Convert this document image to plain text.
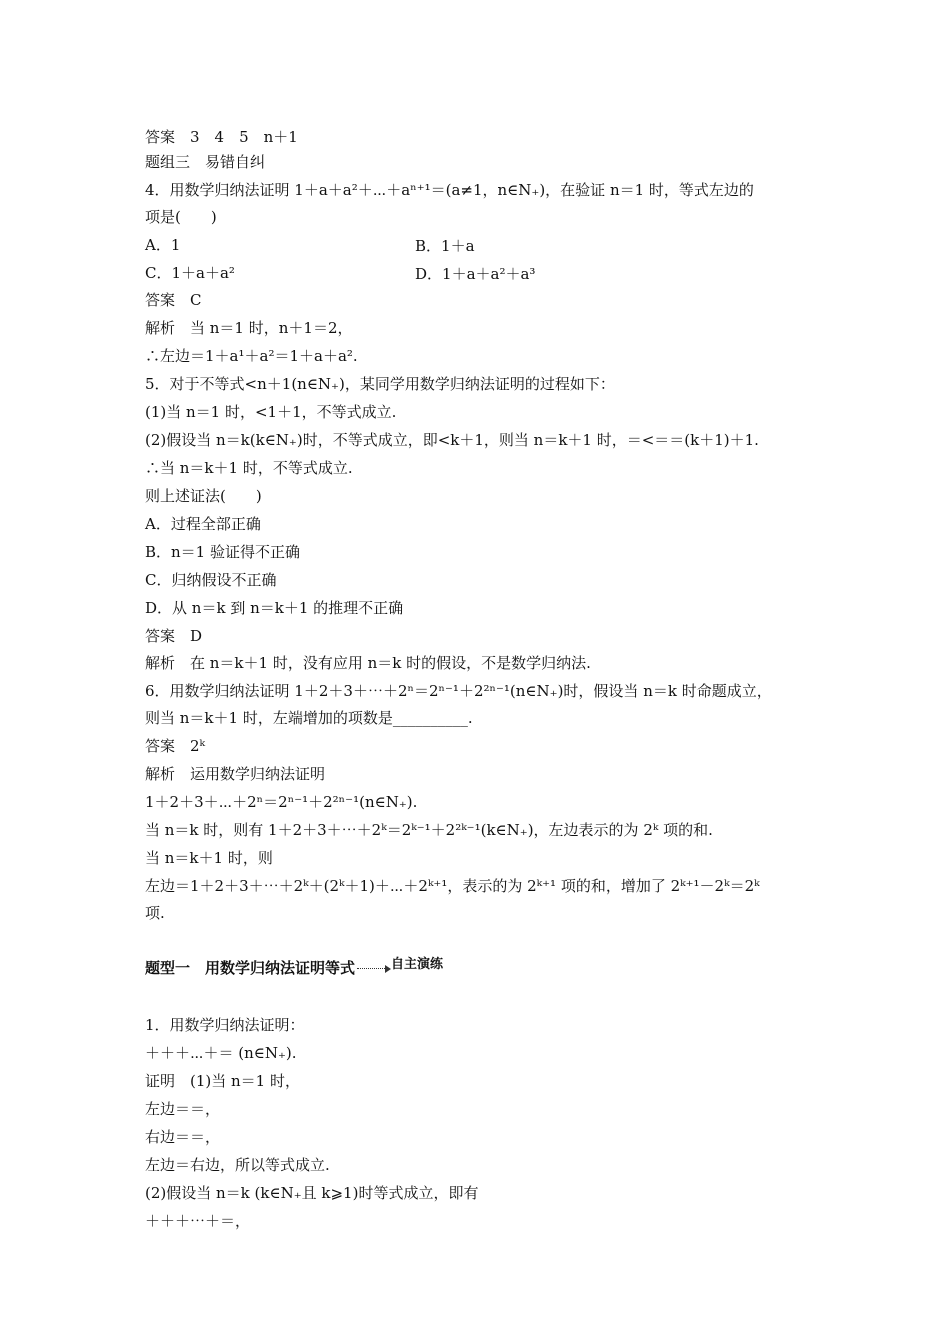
答案　3　4　5　n＋1
题组三　易错自纠
4．用数学归纳法证明 1＋a＋a²＋⋯＋aⁿ⁺¹＝(a≠1，n∈N₊)，在验证 n＝1 时，等式左边的
项是(　　)
答案　C
解析　当 n＝1 时，n＋1＝2，
∴左边＝1＋a¹＋a²＝1＋a＋a².
5．对于不等式<n＋1(n∈N₊)，某同学用数学归纳法证明的过程如下：
(1)当 n＝1 时，<1＋1，不等式成立.
(2)假设当 n＝k(k∈N₊)时，不等式成立，即<k＋1，则当 n＝k＋1 时，＝<＝＝(k＋1)＋1.
∴当 n＝k＋1 时，不等式成立.
则上述证法(　　)
A．过程全部正确
B．n＝1 验证得不正确
C．归纳假设不正确
D．从 n＝k 到 n＝k＋1 的推理不正确
答案　D
解析　在 n＝k＋1 时，没有应用 n＝k 时的假设，不是数学归纳法.
6．用数学归纳法证明 1＋2＋3＋⋯＋2ⁿ＝2ⁿ⁻¹＋2²ⁿ⁻¹(n∈N₊)时，假设当 n＝k 时命题成立，
则当 n＝k＋1 时，左端增加的项数是__________.
答案　2ᵏ
解析　运用数学归纳法证明
1＋2＋3＋⋯＋2ⁿ＝2ⁿ⁻¹＋2²ⁿ⁻¹(n∈N₊).
当 n＝k 时，则有 1＋2＋3＋⋯＋2ᵏ＝2ᵏ⁻¹＋2²ᵏ⁻¹(k∈N₊)，左边表示的为 2ᵏ 项的和.
当 n＝k＋1 时，则
左边＝1＋2＋3＋⋯＋2ᵏ＋(2ᵏ＋1)＋⋯＋2ᵏ⁺¹，表示的为 2ᵏ⁺¹ 项的和，增加了 2ᵏ⁺¹－2ᵏ＝2ᵏ
项.
1．用数学归纳法证明：
＋＋＋⋯＋＝ (n∈N₊).
证明　(1)当 n＝1 时，
左边＝＝，
右边＝＝，
左边＝右边，所以等式成立.
(2)假设当 n＝k (k∈N₊且 k⩾1)时等式成立，即有
＋＋＋⋯＋＝，
A．1	B．1＋a
C．1＋a＋a²	D．1＋a＋a²＋a³
题型一　用数学归纳法证明等式	自主演练
